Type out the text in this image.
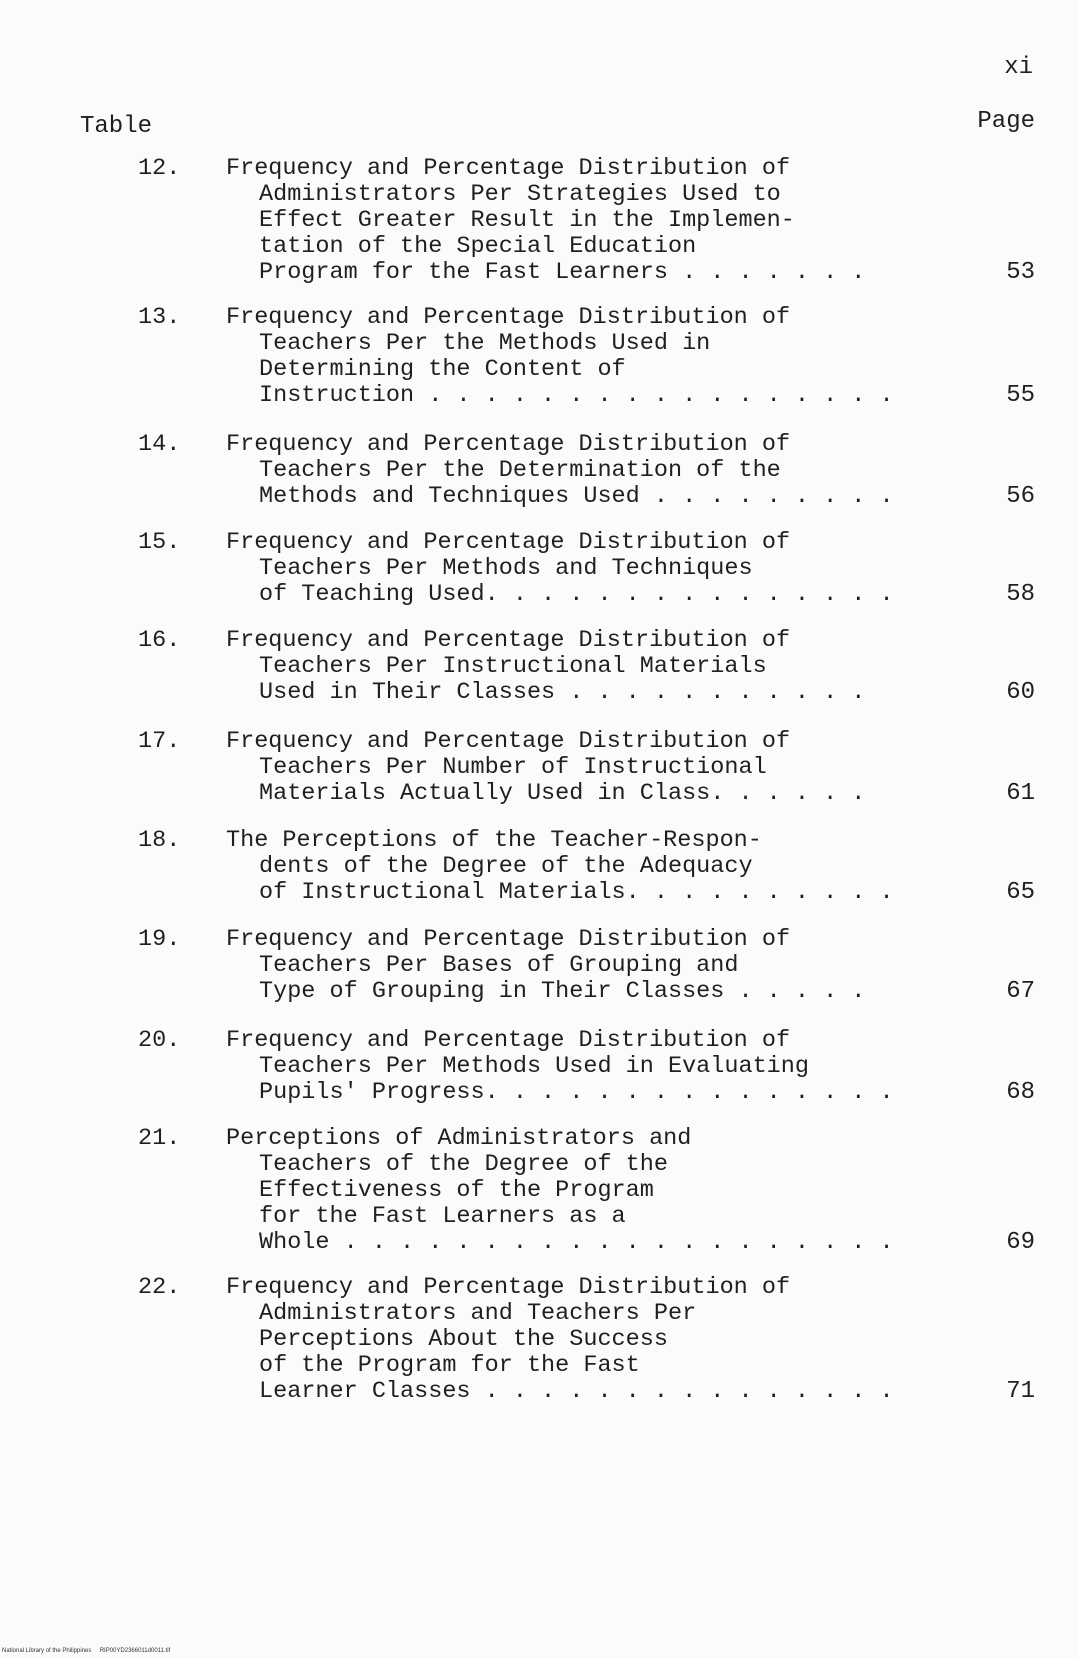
xi
Table	Page
12. Frequency and Percentage Distribution of
Administrators Per Strategies Used to
Effect Greater Result in the Implemen-
tation of the Special Education
Program for the Fast Learners . . . . . . .	53
13. Frequency and Percentage Distribution of
Teachers Per the Methods Used in
Determining the Content of
Instruction . . . . . . . . . . . . . . . . .	55
14. Frequency and Percentage Distribution of
Teachers Per the Determination of the
Methods and Techniques Used . . . . . . . . .	56
15. Frequency and Percentage Distribution of
Teachers Per Methods and Techniques
of Teaching Used. . . . . . . . . . . . . . .	58
16. Frequency and Percentage Distribution of
Teachers Per Instructional Materials
Used in Their Classes . . . . . . . . . . .	60
17. Frequency and Percentage Distribution of
Teachers Per Number of Instructional
Materials Actually Used in Class. . . . . .	61
18. The Perceptions of the Teacher-Respon-
dents of the Degree of the Adequacy
of Instructional Materials. . . . . . . . . .	65
19. Frequency and Percentage Distribution of
Teachers Per Bases of Grouping and
Type of Grouping in Their Classes . . . . .	67
20. Frequency and Percentage Distribution of
Teachers Per Methods Used in Evaluating
Pupils' Progress. . . . . . . . . . . . . . .	68
21. Perceptions of Administrators and
Teachers of the Degree of the
Effectiveness of the Program
for the Fast Learners as a
Whole . . . . . . . . . . . . . . . . . . . .	69
22. Frequency and Percentage Distribution of
Administrators and Teachers Per
Perceptions About the Success
of the Program for the Fast
Learner Classes . . . . . . . . . . . . . . .	71
National Library of the Philippines     RIP00YD2366011d0011.tif
